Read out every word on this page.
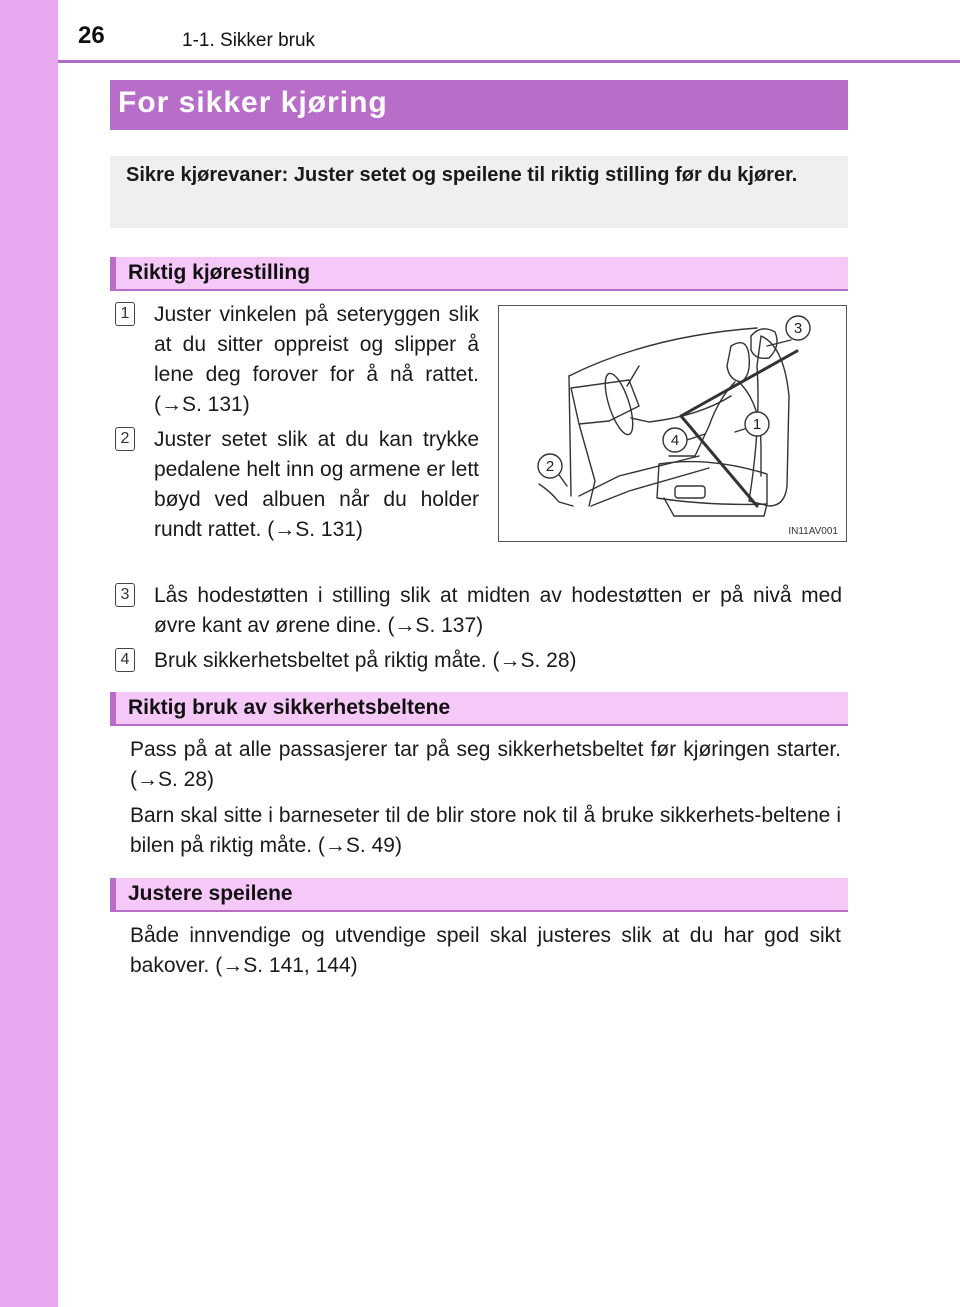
26	1-1. Sikker bruk
For sikker kjøring

Sikre kjørevaner: Juster setet og speilene til riktig stilling før du kjører.

Riktig kjørestilling
1 Juster vinkelen på seteryggen slik at du sitter oppreist og slipper å lene deg forover for å nå rattet. (→S. 131)

2 Juster setet slik at du kan trykke pedalene helt inn og armene er lett bøyd ved albuen når du holder rundt rattet. (→S. 131)

3 Lås hodestøtten i stilling slik at midten av hodestøtten er på nivå med øvre kant av ørene dine. (→S. 137)

4 Bruk sikkerhetsbeltet på riktig måte. (→S. 28)

3
1
4
2
IN11AV001
Riktig bruk av sikkerhetsbeltene

Pass på at alle passasjerer tar på seg sikkerhetsbeltet før kjøringen starter. (→S. 28)

Barn skal sitte i barneseter til de blir store nok til å bruke sikkerhets-beltene i bilen på riktig måte. (→S. 49)

Justere speilene

Både innvendige og utvendige speil skal justeres slik at du har god sikt bakover. (→S. 141, 144)
